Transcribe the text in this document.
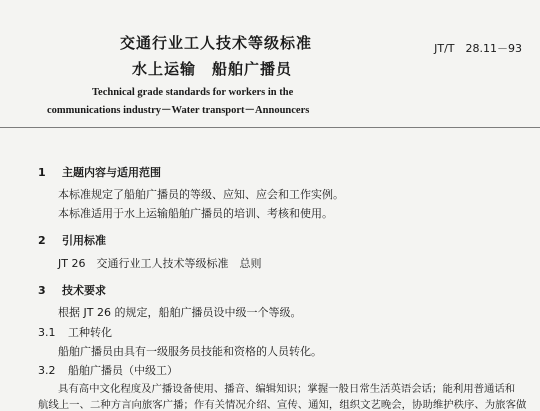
交通行业工人技术等级标准
水上运输　船舶广播员
JT/T　28.11－93
Technical grade standards for workers in the
communications industry－Water transport－Announcers
1 主题内容与适用范围
本标准规定了船舶广播员的等级、应知、应会和工作实例。
本标准适用于水上运输船舶广播员的培训、考核和使用。
2 引用标准
JT 26　交通行业工人技术等级标准　总则
3 技术要求
根据 JT 26 的规定，船舶广播员设中级一个等级。
3.1 工种转化
船舶广播员由具有一级服务员技能和资格的人员转化。
3.2 船舶广播员（中级工）
具有高中文化程度及广播设备使用、播音、编辑知识；掌握一般日常生活英语会话；能利用普通话和
航线上一、二种方言向旅客广播；作有关情况介绍、宣传、通知，组织文艺晚会，协助维护秩序、为旅客做
